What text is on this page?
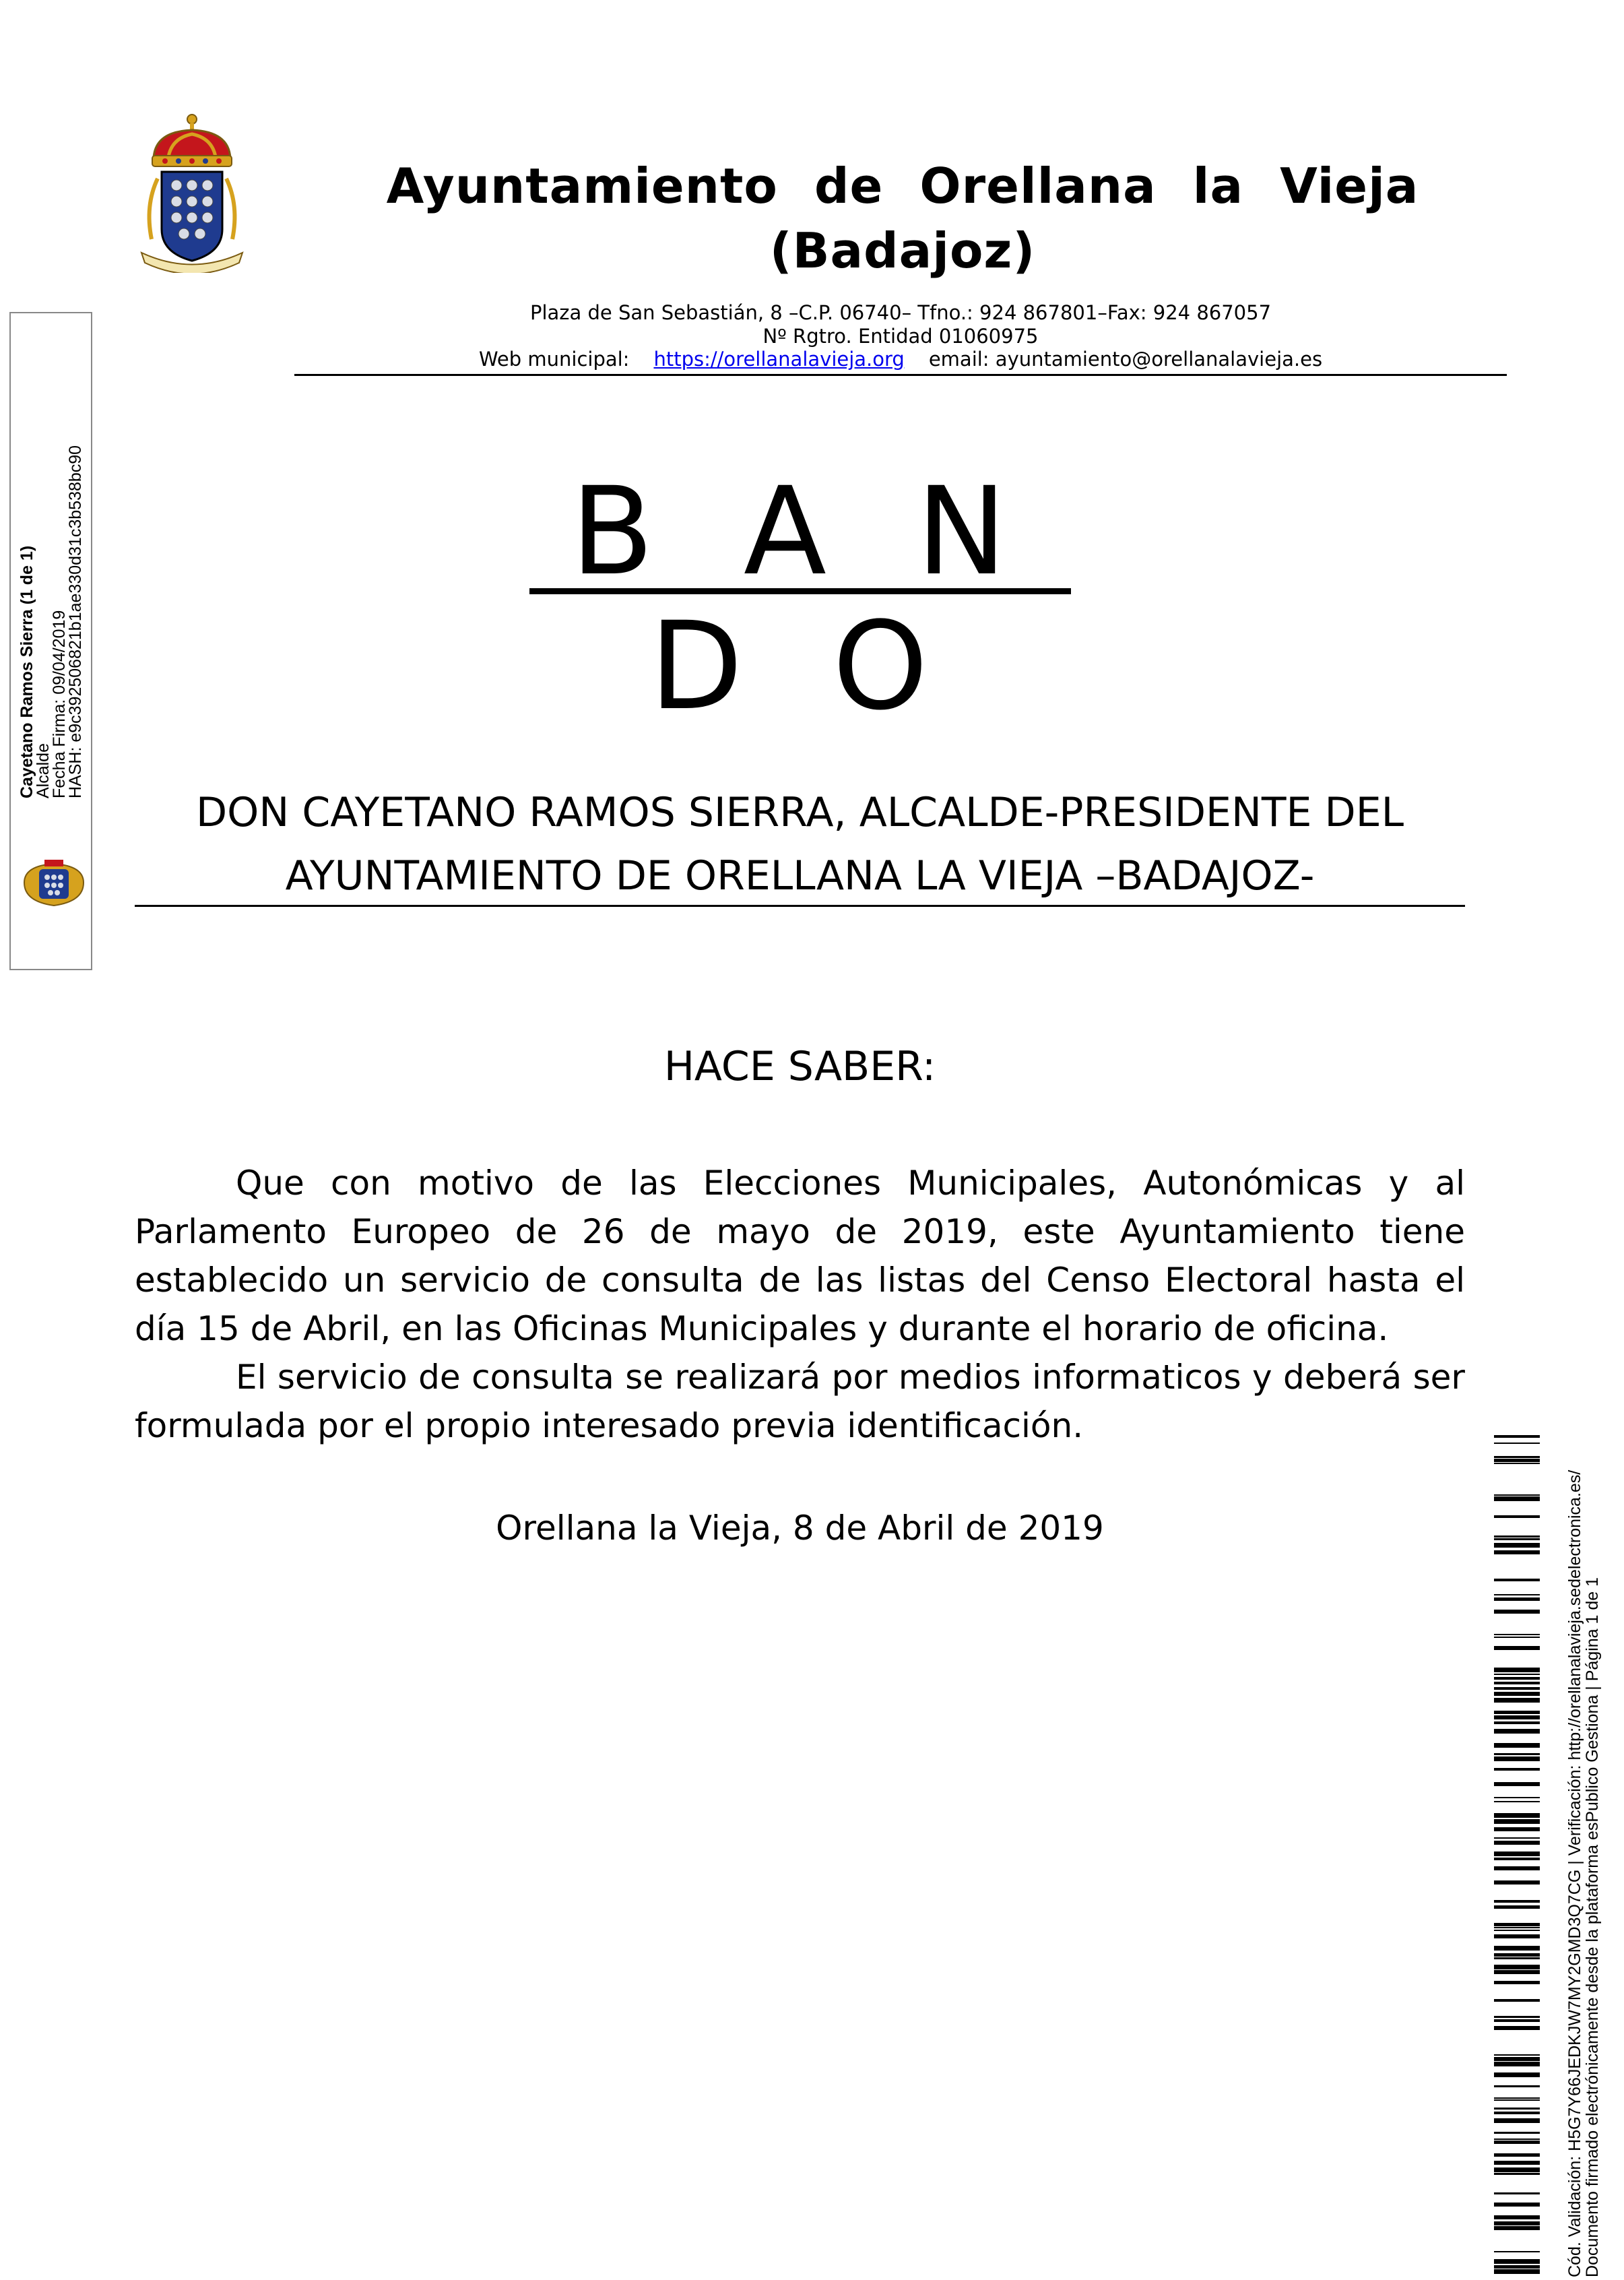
Ayuntamiento de Orellana la Vieja
(Badajoz)
Plaza de San Sebastián, 8 –C.P. 06740– Tfno.: 924 867801–Fax: 924 867057
Nº Rgtro. Entidad 01060975
Web municipal: https://orellanalavieja.org email: ayuntamiento@orellanalavieja.es
Cayetano Ramos Sierra (1 de 1)
Alcalde
Fecha Firma: 09/04/2019
HASH: e9c392506821b1ae330d31c3b538bc90	B A N D O
DON CAYETANO RAMOS SIERRA, ALCALDE-PRESIDENTE DEL
AYUNTAMIENTO DE ORELLANA LA VIEJA –BADAJOZ-
HACE SABER:

Que con motivo de las Elecciones Municipales, Autonómicas y al Parlamento Europeo de 26 de mayo de 2019, este Ayuntamiento tiene establecido un servicio de consulta de las listas del Censo Electoral hasta el día 15 de Abril, en las Oficinas Municipales y durante el horario de oficina.

El servicio de consulta se realizará por medios informaticos y deberá ser formulada por el propio interesado previa identificación.

Orellana la Vieja, 8 de Abril de 2019	Cód. Validación: H5G7Y66JEDKJW7MY2GMD3Q7CG | Verificación: http://orellanalavieja.sedelectronica.es/
Documento firmado electrónicamente desde la plataforma esPublico Gestiona | Página 1 de 1
